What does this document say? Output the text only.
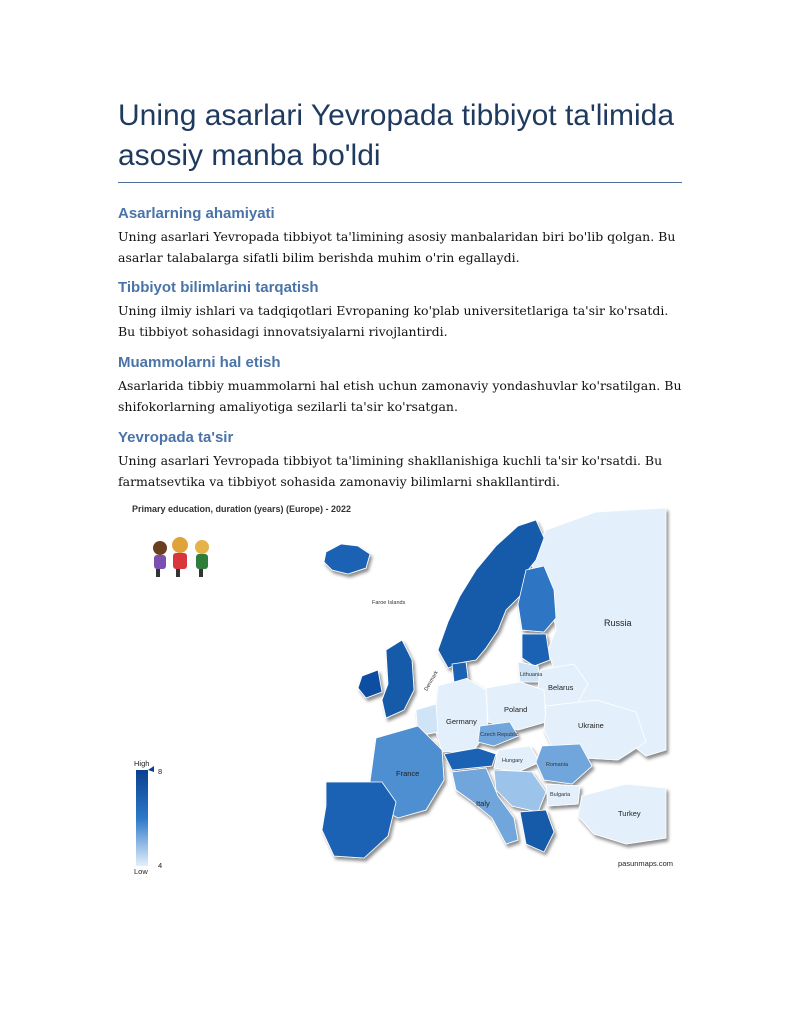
Uning asarlari Yevropada tibbiyot ta'limida asosiy manba bo'ldi
Asarlarning ahamiyati

Uning asarlari Yevropada tibbiyot ta'limining asosiy manbalaridan biri bo'lib qolgan. Bu asarlar talabalarga sifatli bilim berishda muhim o'rin egallaydi.

Tibbiyot bilimlarini tarqatish

Uning ilmiy ishlari va tadqiqotlari Evropaning ko'plab universitetlariga ta'sir ko'rsatdi. Bu tibbiyot sohasidagi innovatsiyalarni rivojlantirdi.

Muammolarni hal etish

Asarlarida tibbiy muammolarni hal etish uchun zamonaviy yondashuvlar ko'rsatilgan. Bu shifokorlarning amaliyotiga sezilarli ta'sir ko'rsatgan.

Yevropada ta'sir

Uning asarlari Yevropada tibbiyot ta'limining shakllanishiga kuchli ta'sir ko'rsatdi. Bu farmatsevtika va tibbiyot sohasida zamonaviy bilimlarni shakllantirdi.

Primary education, duration (years) (Europe) - 2022
High
8
4
Low
Russia
Faroe Islands
Belarus
Poland
Germany	Ukraine
France
Romania
Hungary
Bulgaria
Italy
Turkey
Lithuania
Czech Republic
Denmark
pasunmaps.com
